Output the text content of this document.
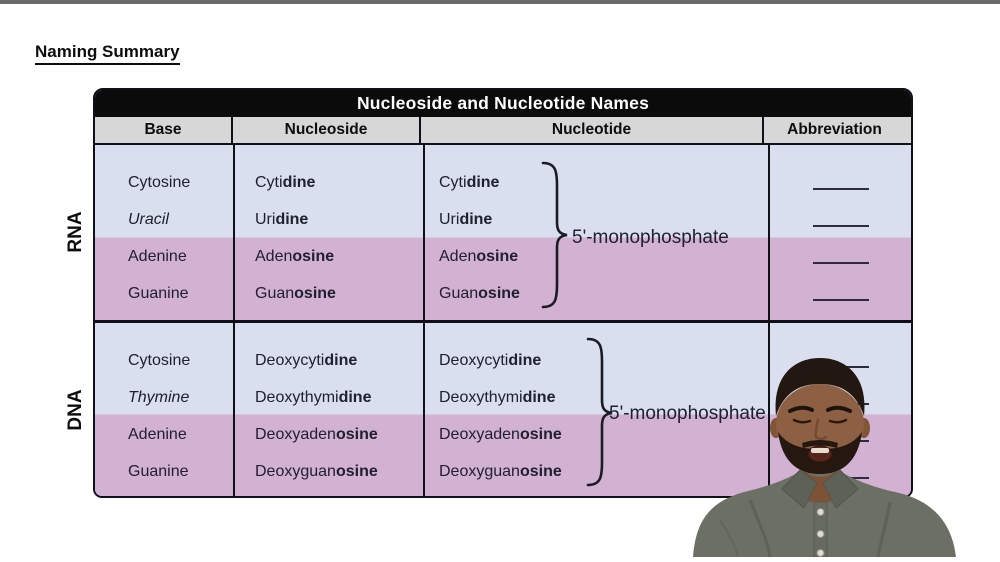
Naming Summary
RNA
DNA
Nucleoside and Nucleotide Names
Base	Nucleoside	Nucleotide	Abbreviation
Cytosine	Cytidine	Cytidine
Uracil	Uridine	Uridine
Adenine	Adenosine	Adenosine
Guanine	Guanosine	Guanosine
5'-monophosphate
Cytosine	Deoxycytidine	Deoxycytidine
Thymine	Deoxythymidine	Deoxythymidine
Adenine	Deoxyadenosine	Deoxyadenosine
Guanine	Deoxyguanosine	Deoxyguanosine
5'-monophosphate
